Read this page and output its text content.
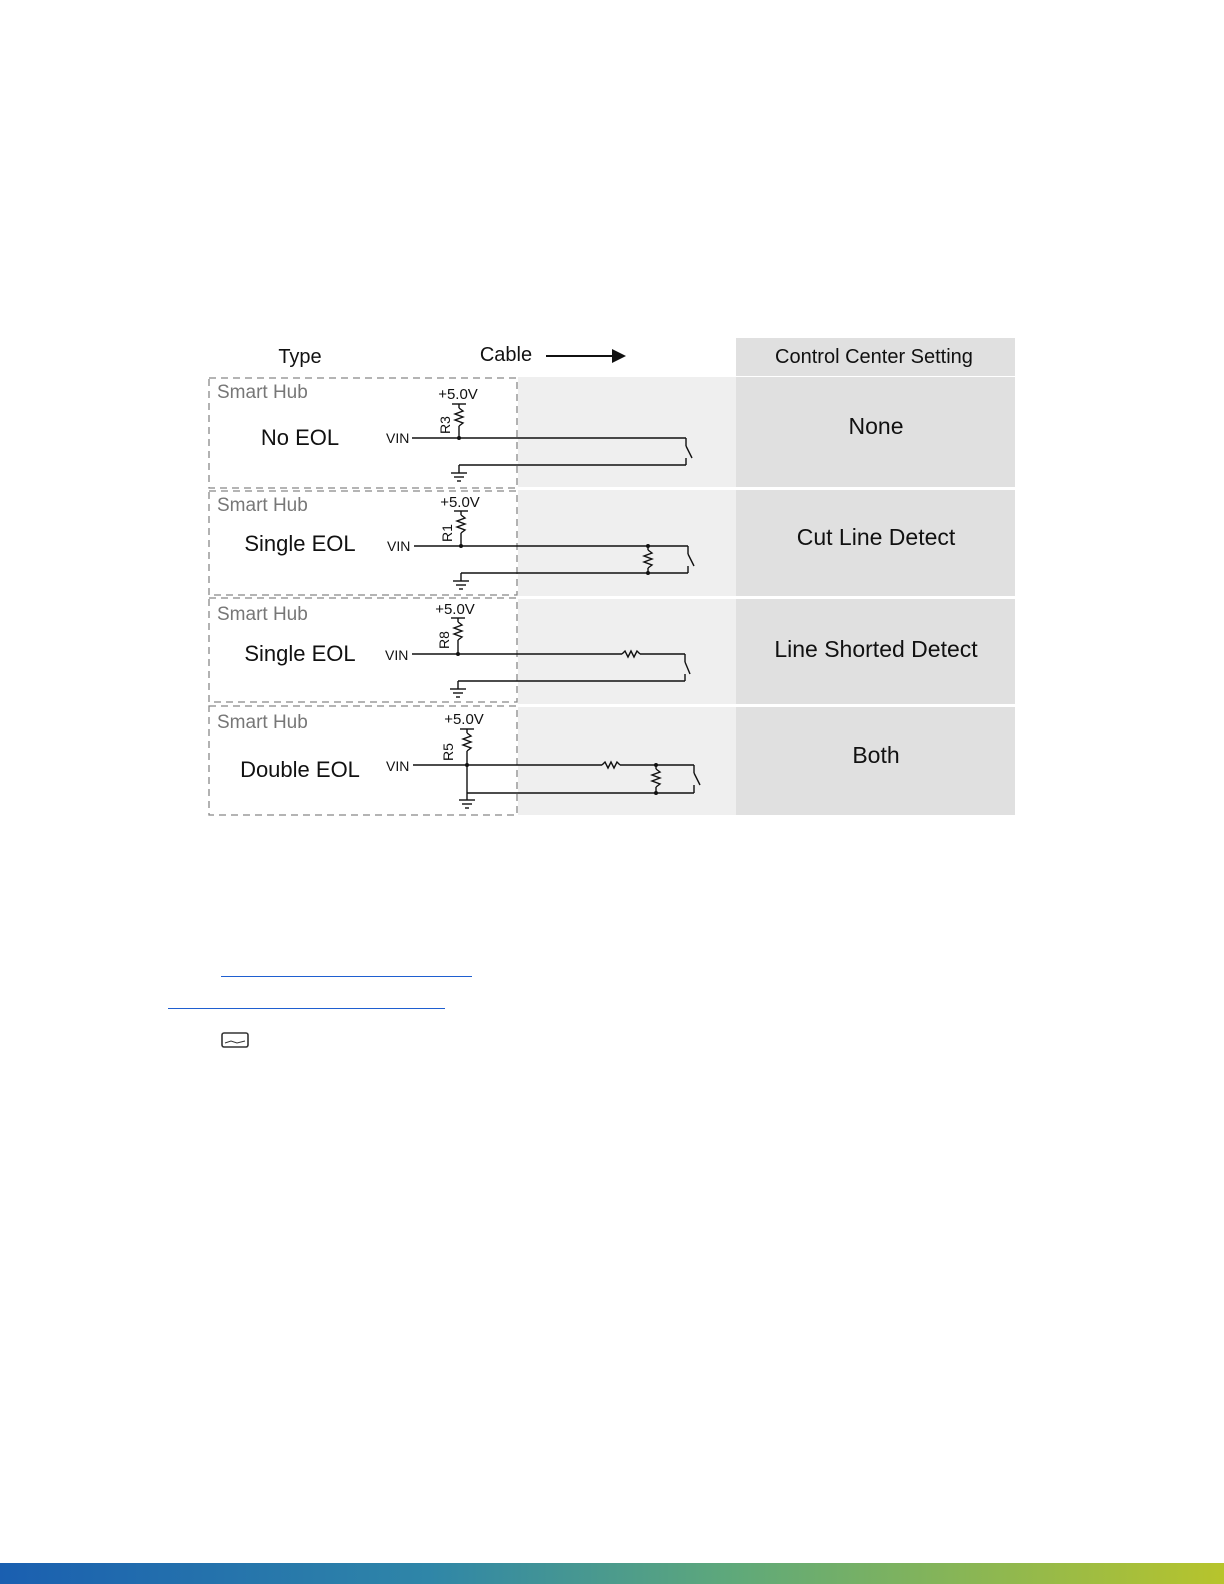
Type	Cable	Control Center Setting
Smart Hub
No EOL
+5.0V
R3
VIN	None
Smart Hub
Single EOL
+5.0V
R1
VIN	Cut Line Detect
Smart Hub
Single EOL
+5.0V
R8
VIN	Line Shorted Detect
Smart Hub
Double EOL
+5.0V
R5
VIN	Both
